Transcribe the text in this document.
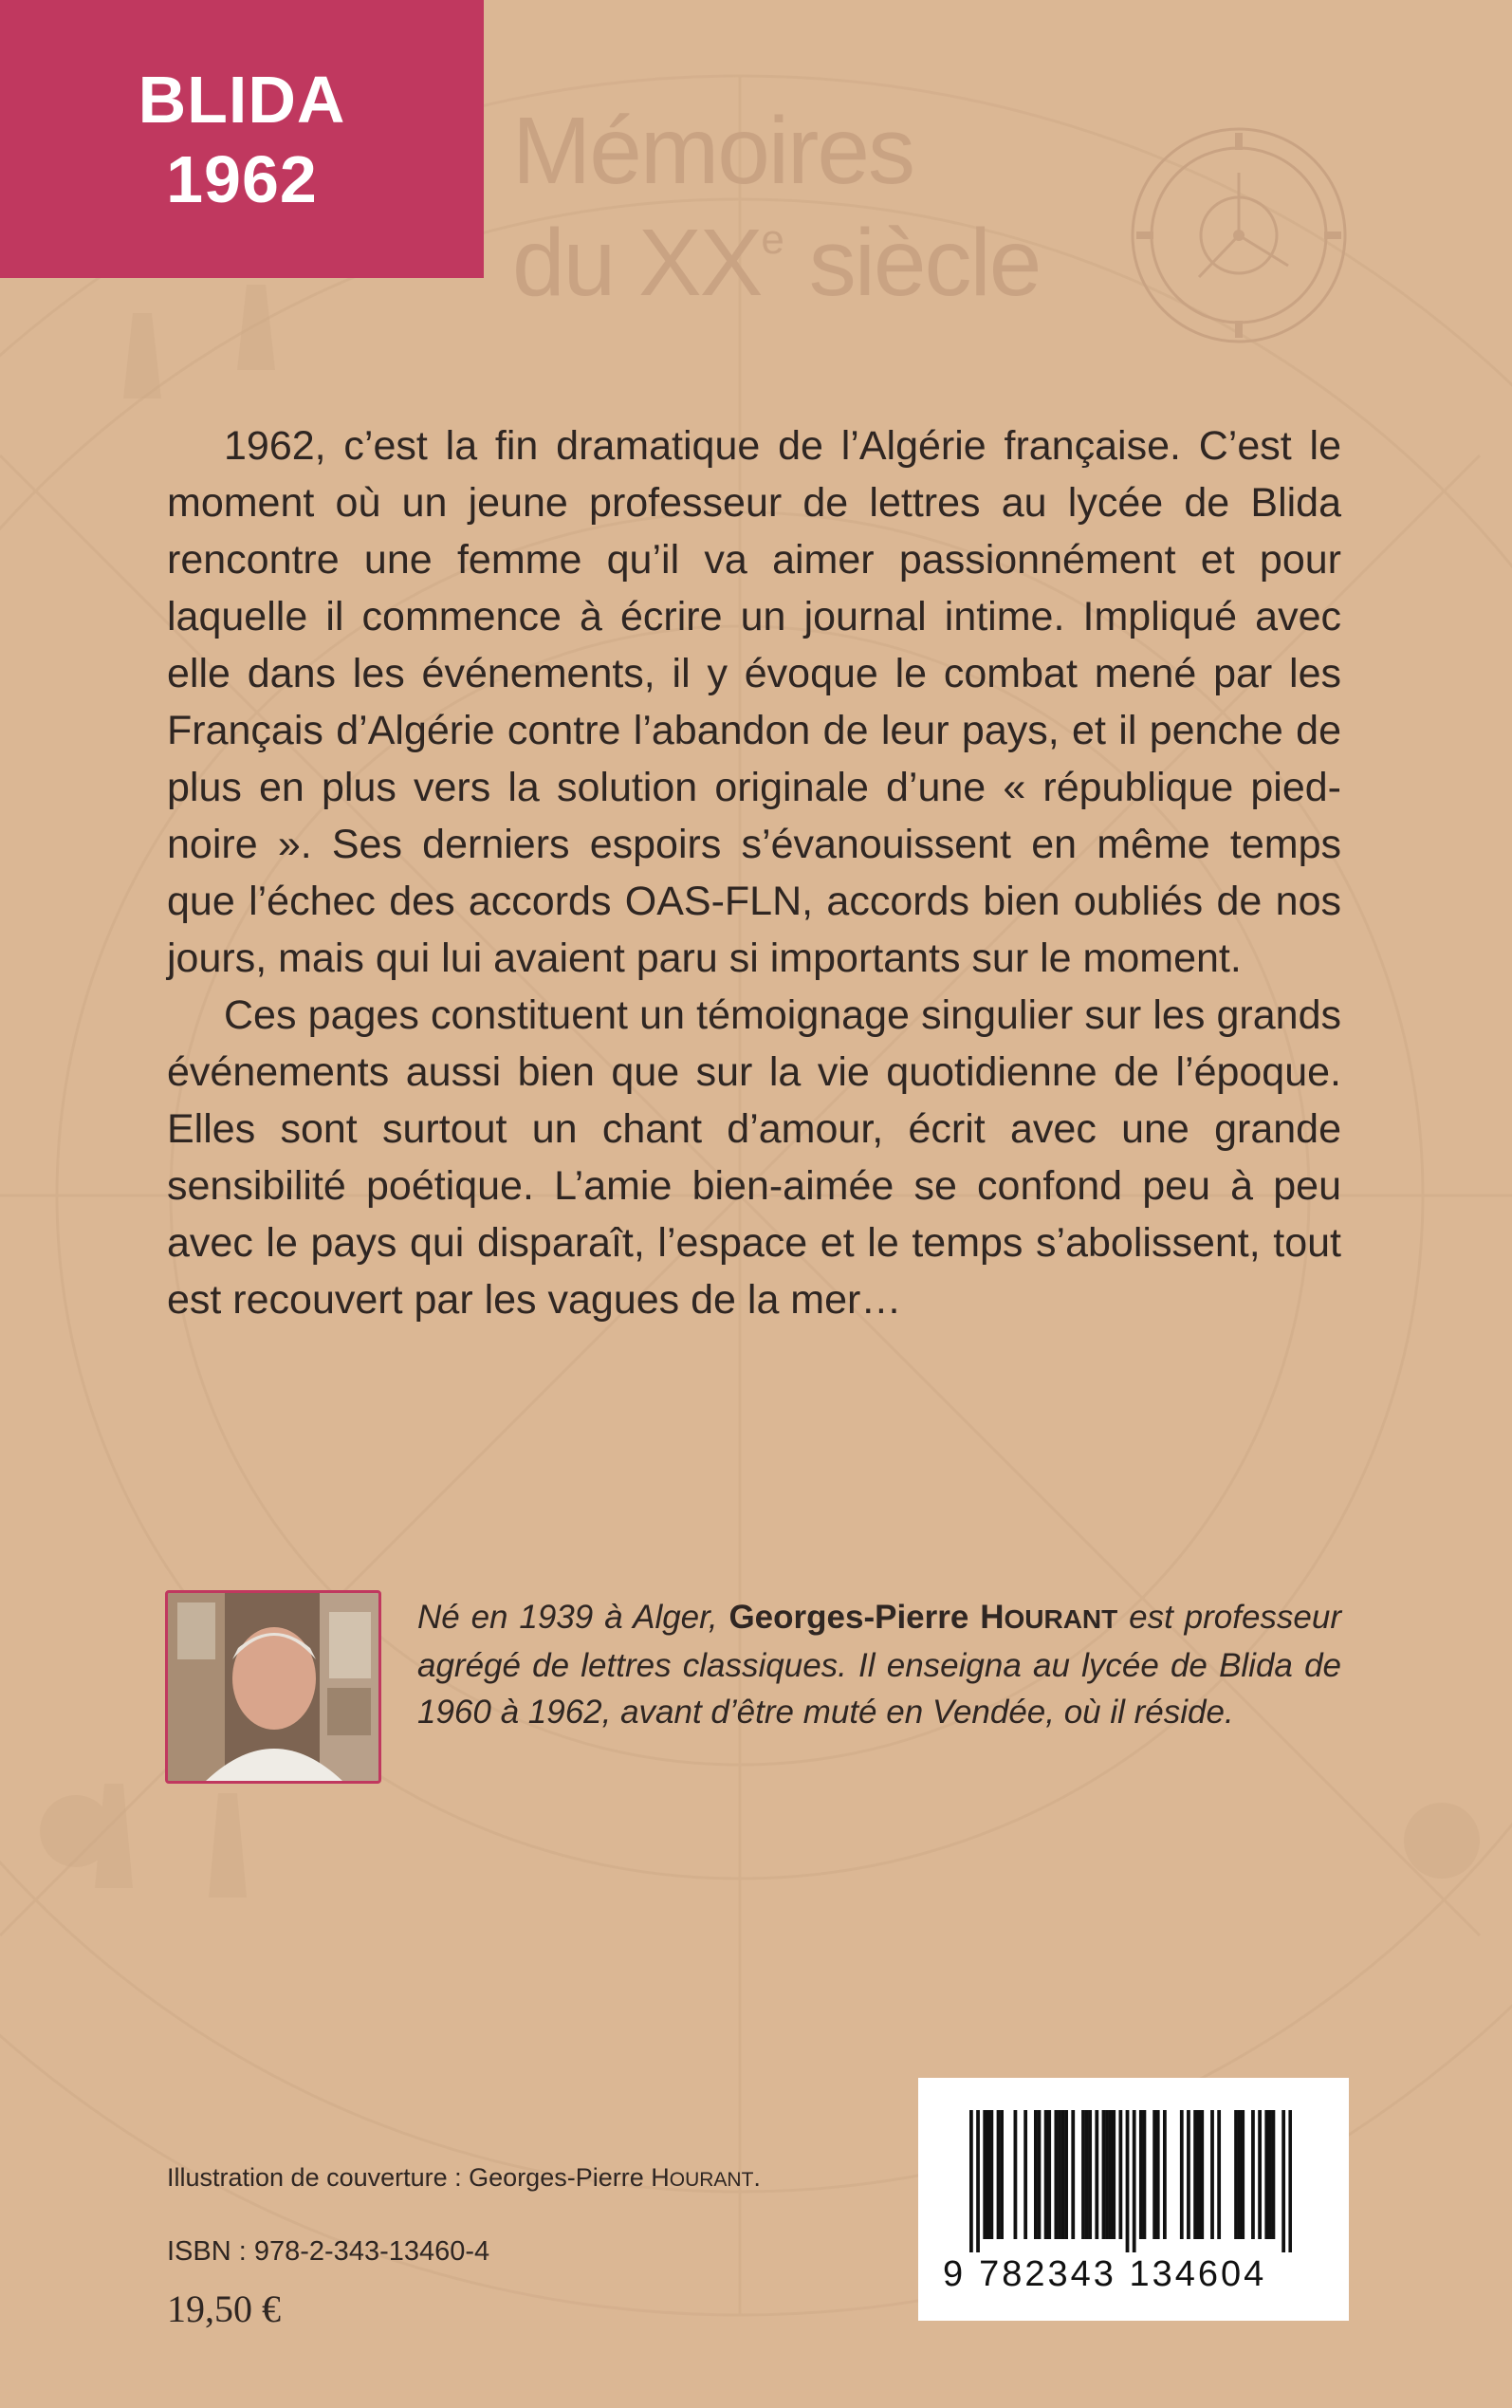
BLIDA
1962 Mémoires
du XXe siècle

1962, c’est la fin dramatique de l’Algérie française. C’est le moment où un jeune professeur de lettres au lycée de Blida rencontre une femme qu’il va aimer passionnément et pour laquelle il commence à écrire un journal intime. Impliqué avec elle dans les événements, il y évoque le combat mené par les Français d’Algérie contre l’abandon de leur pays, et il penche de plus en plus vers la solution originale d’une « république pied-noire ». Ses derniers espoirs s’évanouissent en même temps que l’échec des accords OAS-FLN, accords bien oubliés de nos jours, mais qui lui avaient paru si importants sur le moment.

Ces pages constituent un témoignage singulier sur les grands événements aussi bien que sur la vie quotidienne de l’époque. Elles sont surtout un chant d’amour, écrit avec une grande sensibilité poétique. L’amie bien-aimée se confond peu à peu avec le pays qui disparaît, l’espace et le temps s’abolissent, tout est recouvert par les vagues de la mer…

Né en 1939 à Alger, Georges-Pierre HOURANT est professeur agrégé de lettres classiques. Il enseigna au lycée de Blida de 1960 à 1962, avant d’être muté en Vendée, où il réside.
Illustration de couverture : Georges-Pierre HOURANT.
ISBN : 978-2-343-13460-4
19,50 €
9 782343 134604
